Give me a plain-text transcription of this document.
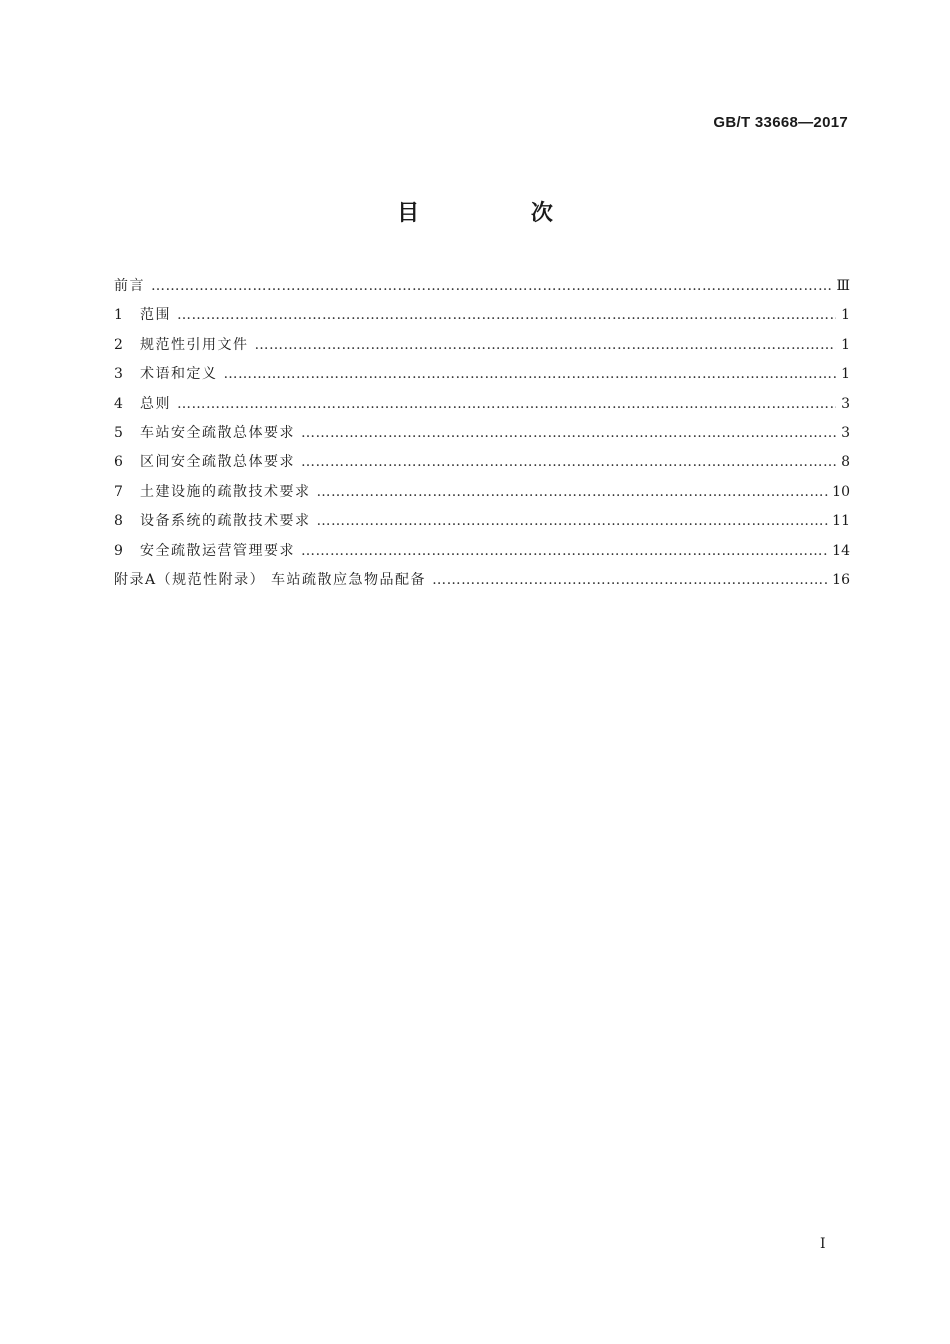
GB/T 33668—2017
目 次
前言 …………………………………………………………………………………………………………………………………………………………………………………	Ⅲ
1	范围 …………………………………………………………………………………………………………………………………………………………………………………	1
2	规范性引用文件 …………………………………………………………………………………………………………………………………………………………………………………	1
3	术语和定义 …………………………………………………………………………………………………………………………………………………………………………………	1
4	总则 …………………………………………………………………………………………………………………………………………………………………………………	3
5	车站安全疏散总体要求 …………………………………………………………………………………………………………………………………………………………………………………	3
6	区间安全疏散总体要求 …………………………………………………………………………………………………………………………………………………………………………………	8
7	土建设施的疏散技术要求 …………………………………………………………………………………………………………………………………………………………………………………	10
8	设备系统的疏散技术要求 …………………………………………………………………………………………………………………………………………………………………………………	11
9	安全疏散运营管理要求 …………………………………………………………………………………………………………………………………………………………………………………	14
附录A（规范性附录） 车站疏散应急物品配备 …………………………………………………………………………………………………………………………………………………………………………………	16
Ⅰ
